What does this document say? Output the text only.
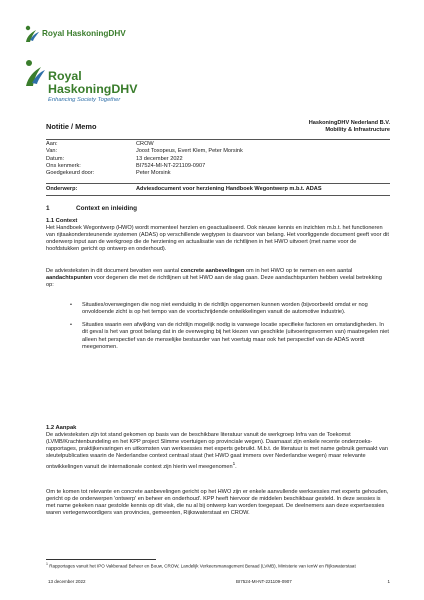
Royal HaskoningDHV
Royal
HaskoningDHV
Enhancing Society Together
Notitie / Memo	HaskoningDHV Nederland B.V.
Mobility & Infrastructure
Aan:	CROW
Van:	Joost Toxopeus, Evert Klem, Peter Morsink
Datum:	13 december 2022
Ons kenmerk:	BI7524-MI-NT-221109-0907
Goedgekeurd door:	Peter Morsink
Onderwerp:	Adviesdocument voor herziening Handboek Wegontwerp m.b.t. ADAS
1	Context en inleiding
1.1 Context
Het Handboek Wegontwerp (HWO) wordt momenteel herzien en geactualiseerd. Ook nieuwe kennis en inzichten m.b.t. het functioneren van rijtaakondersteunende systemen (ADAS) op verschillende wegtypen is daarvoor van belang. Het voorliggende document geeft voor dit onderwerp input aan de werkgroep die de herziening en actualisatie van de richtlijnen in het HWO uitvoert (met name voor de hoofdstukken gericht op ontwerp en onderhoud).
De adviesteksten in dit document bevatten een aantal concrete aanbevelingen om in het HWO op te nemen en een aantal aandachtspunten voor degenen die met de richtlijnen uit het HWO aan de slag gaan. Deze aandachtspunten hebben veelal betrekking op:
• Situaties/overwegingen die nog niet eenduidig in de richtlijn opgenomen kunnen worden (bijvoorbeeld omdat er nog onvoldoende zicht is op het tempo van de voortschrijdende ontwikkelingen vanuit de automotive industrie).
• Situaties waarin een afwijking van de richtlijn mogelijk nodig is vanwege locatie specifieke factoren en omstandigheden. In dit geval is het van groot belang dat in de overweging bij het kiezen van geschikte (uitvoeringsvormen van) maatregelen niet alleen het perspectief van de menselijke bestuurder van het voertuig maar ook het perspectief van de ADAS wordt meegenomen.
1.2 Aanpak
De adviesteksten zijn tot stand gekomen op basis van de beschikbare literatuur vanuit de werkgroep Infra van de Toekomst (LVMB/Krachtenbundeling en het KPP project Slimme voertuigen op provinciale wegen). Daarnaast zijn enkele recente onderzoeks-rapportages, praktijkervaringen en uitkomsten van werksessies met experts gebruikt. M.b.t. de literatuur is met name gebruik gemaakt van sleutelpublicaties waarin de Nederlandse context centraal staat (het HWO gaat immers over Nederlandse wegen) maar relevante ontwikkelingen vanuit de internationale context zijn hierin wel meegenomen$^1$.
Om te komen tot relevante en concrete aanbevelingen gericht op het HWO zijn er enkele aanvullende werksessies met experts gehouden, gericht op de onderwerpen 'ontwerp' en beheer en onderhoud'. KPP heeft hiervoor de middelen beschikbaar gesteld. In deze sessies is met name gekeken naar gestolde kennis op dit vlak, die nu al bij ontwerp kan worden toegepast. De deelnemers aan deze expertsessies waren vertegenwoordigers van provincies, gemeenten, Rijkswaterstaat en CROW.
$^1$ Rapportages vanuit het IPO Vakberaad Beheer en Bouw, CROW, Landelijk Verkeersmanagement Beraad (LVMB), Ministerie van IenW en Rijkswaterstaat
13 december 2022	BI7524-MI-NT-221109-0907	1
